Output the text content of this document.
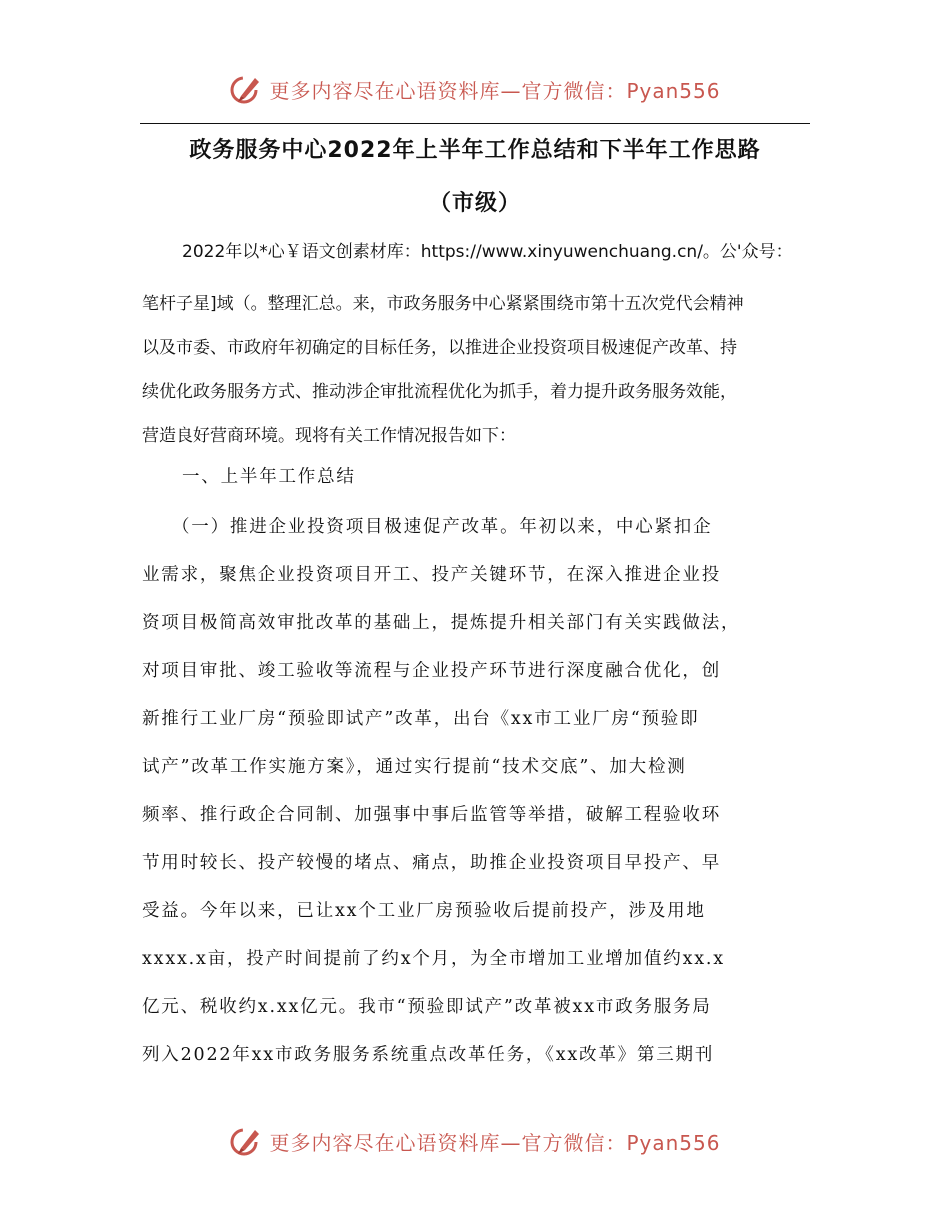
更多内容尽在心语资料库—官方微信：Pyan556
政务服务中心2022年上半年工作总结和下半年工作思路
（市级）
2022年以*心￥语文创素材库：https://www.xinyuwenchuang.cn/。公'众号：
笔杆子星]域（。整理汇总。来，市政务服务中心紧紧围绕市第十五次党代会精神
以及市委、市政府年初确定的目标任务，以推进企业投资项目极速促产改革、持
续优化政务服务方式、推动涉企审批流程优化为抓手，着力提升政务服务效能，
营造良好营商环境。现将有关工作情况报告如下：
一、上半年工作总结
（一）推进企业投资项目极速促产改革。年初以来，中心紧扣企
业需求，聚焦企业投资项目开工、投产关键环节，在深入推进企业投
资项目极简高效审批改革的基础上，提炼提升相关部门有关实践做法，
对项目审批、竣工验收等流程与企业投产环节进行深度融合优化，创
新推行工业厂房“预验即试产”改革，出台《xx市工业厂房“预验即
试产”改革工作实施方案》，通过实行提前“技术交底”、加大检测
频率、推行政企合同制、加强事中事后监管等举措，破解工程验收环
节用时较长、投产较慢的堵点、痛点，助推企业投资项目早投产、早
受益。今年以来，已让xx个工业厂房预验收后提前投产，涉及用地
xxxx.x亩，投产时间提前了约x个月，为全市增加工业增加值约xx.x
亿元、税收约x.xx亿元。我市“预验即试产”改革被xx市政务服务局
列入2022年xx市政务服务系统重点改革任务，《xx改革》第三期刊
更多内容尽在心语资料库—官方微信：Pyan556
